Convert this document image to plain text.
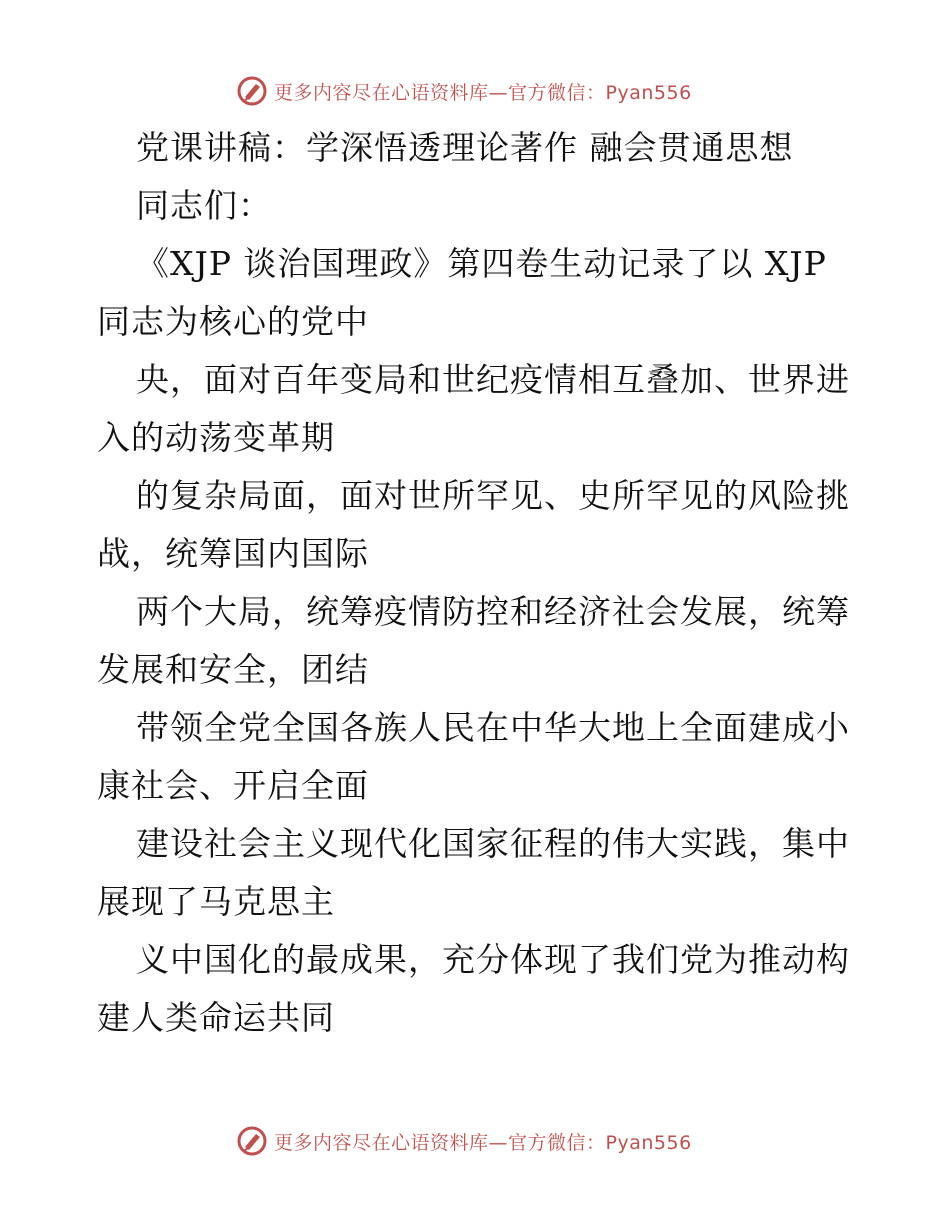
更多内容尽在心语资料库—官方微信：Pyan556
党课讲稿：学深悟透理论著作 融会贯通思想
同志们：
《XJP 谈治国理政》第四卷生动记录了以 XJP
同志为核心的党中
央，面对百年变局和世纪疫情相互叠加、世界进
入的动荡变革期
的复杂局面，面对世所罕见、史所罕见的风险挑
战，统筹国内国际
两个大局，统筹疫情防控和经济社会发展，统筹
发展和安全，团结
带领全党全国各族人民在中华大地上全面建成小
康社会、开启全面
建设社会主义现代化国家征程的伟大实践，集中
展现了马克思主
义中国化的最成果，充分体现了我们党为推动构
建人类命运共同
更多内容尽在心语资料库—官方微信：Pyan556
